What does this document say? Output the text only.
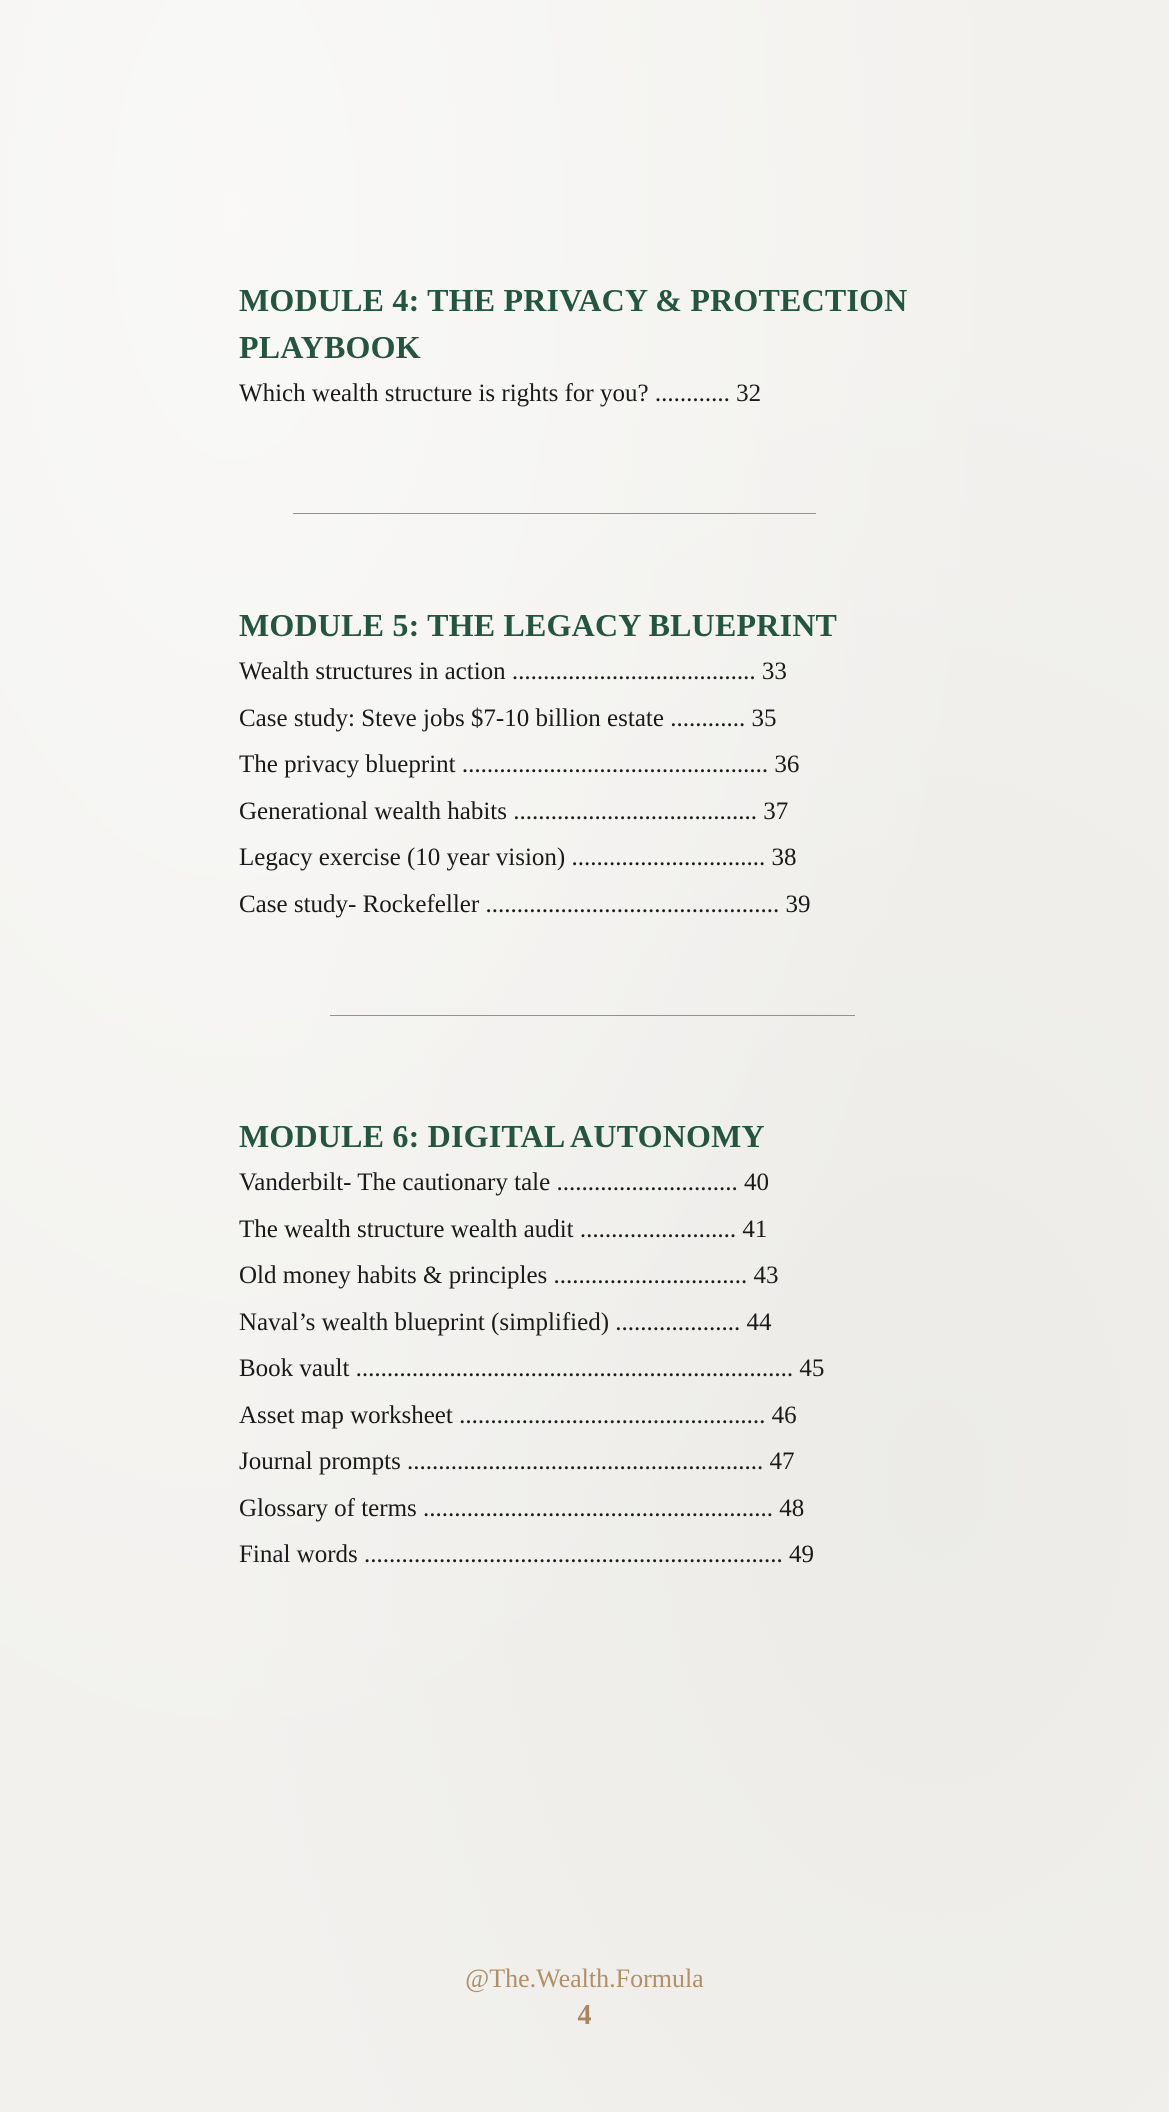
MODULE 4: THE PRIVACY & PROTECTION PLAYBOOK
Which wealth structure is rights for you? ............ 32
MODULE 5: THE LEGACY BLUEPRINT
Wealth structures in action ....................................... 33
Case study: Steve jobs $7-10 billion estate ............ 35
The privacy blueprint ................................................. 36
Generational wealth habits ....................................... 37
Legacy exercise (10 year vision) ............................... 38
Case study- Rockefeller ............................................... 39
MODULE 6: DIGITAL AUTONOMY
Vanderbilt- The cautionary tale ............................. 40
The wealth structure wealth audit ......................... 41
Old money habits & principles ............................... 43
Naval’s wealth blueprint (simplified) .................... 44
Book vault ...................................................................... 45
Asset map worksheet ................................................. 46
Journal prompts ......................................................... 47
Glossary of terms ........................................................ 48
Final words ................................................................... 49
@The.Wealth.Formula
4
